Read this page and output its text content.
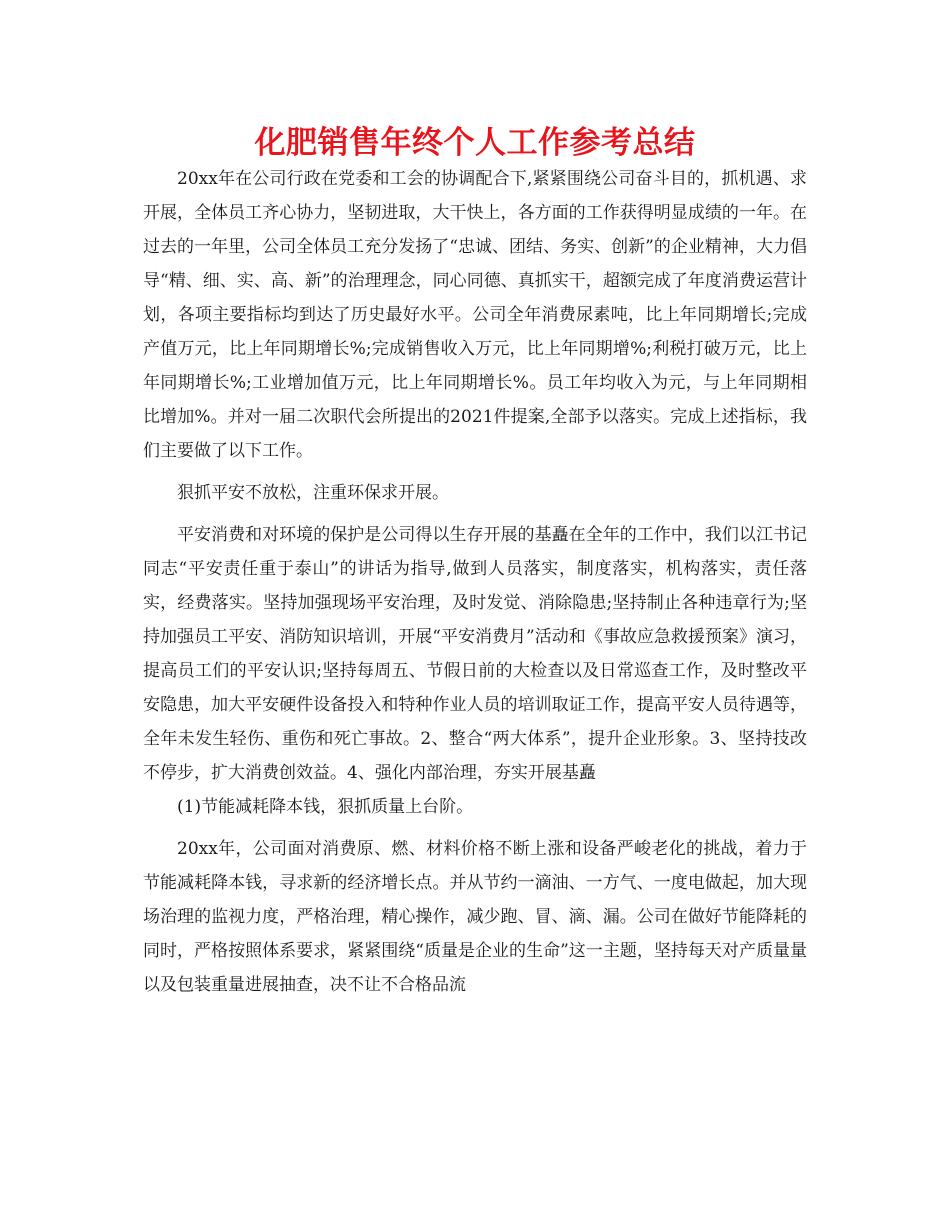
化肥销售年终个人工作参考总结

20xx年在公司行政在党委和工会的协调配合下,紧紧围绕公司奋斗目的，抓机遇、求开展，全体员工齐心协力，坚韧进取，大干快上，各方面的工作获得明显成绩的一年。在过去的一年里，公司全体员工充分发扬了“忠诚、团结、务实、创新”的企业精神，大力倡导“精、细、实、高、新”的治理理念，同心同德、真抓实干，超额完成了年度消费运营计划，各项主要指标均到达了历史最好水平。公司全年消费尿素吨，比上年同期增长;完成产值万元，比上年同期增长%;完成销售收入万元，比上年同期增%;利税打破万元，比上年同期增长%;工业增加值万元，比上年同期增长%。员工年均收入为元，与上年同期相比增加%。并对一届二次职代会所提出的2021件提案,全部予以落实。完成上述指标，我们主要做了以下工作。

狠抓平安不放松，注重环保求开展。

平安消费和对环境的保护是公司得以生存开展的基矗在全年的工作中，我们以江书记同志“平安责任重于泰山”的讲话为指导,做到人员落实，制度落实，机构落实，责任落实，经费落实。坚持加强现场平安治理，及时发觉、消除隐患;坚持制止各种违章行为;坚持加强员工平安、消防知识培训，开展“平安消费月”活动和《事故应急救援预案》演习，提高员工们的平安认识;坚持每周五、节假日前的大检查以及日常巡查工作，及时整改平安隐患，加大平安硬件设备投入和特种作业人员的培训取证工作，提高平安人员待遇等，全年未发生轻伤、重伤和死亡事故。2、整合“两大体系”，提升企业形象。3、坚持技改不停步，扩大消费创效益。4、强化内部治理，夯实开展基矗

(1)节能减耗降本钱，狠抓质量上台阶。

20xx年，公司面对消费原、燃、材料价格不断上涨和设备严峻老化的挑战，着力于节能减耗降本钱，寻求新的经济增长点。并从节约一滴油、一方气、一度电做起，加大现场治理的监视力度，严格治理，精心操作，减少跑、冒、滴、漏。公司在做好节能降耗的同时，严格按照体系要求，紧紧围绕“质量是企业的生命”这一主题，坚持每天对产质量量以及包装重量进展抽查，决不让不合格品流
